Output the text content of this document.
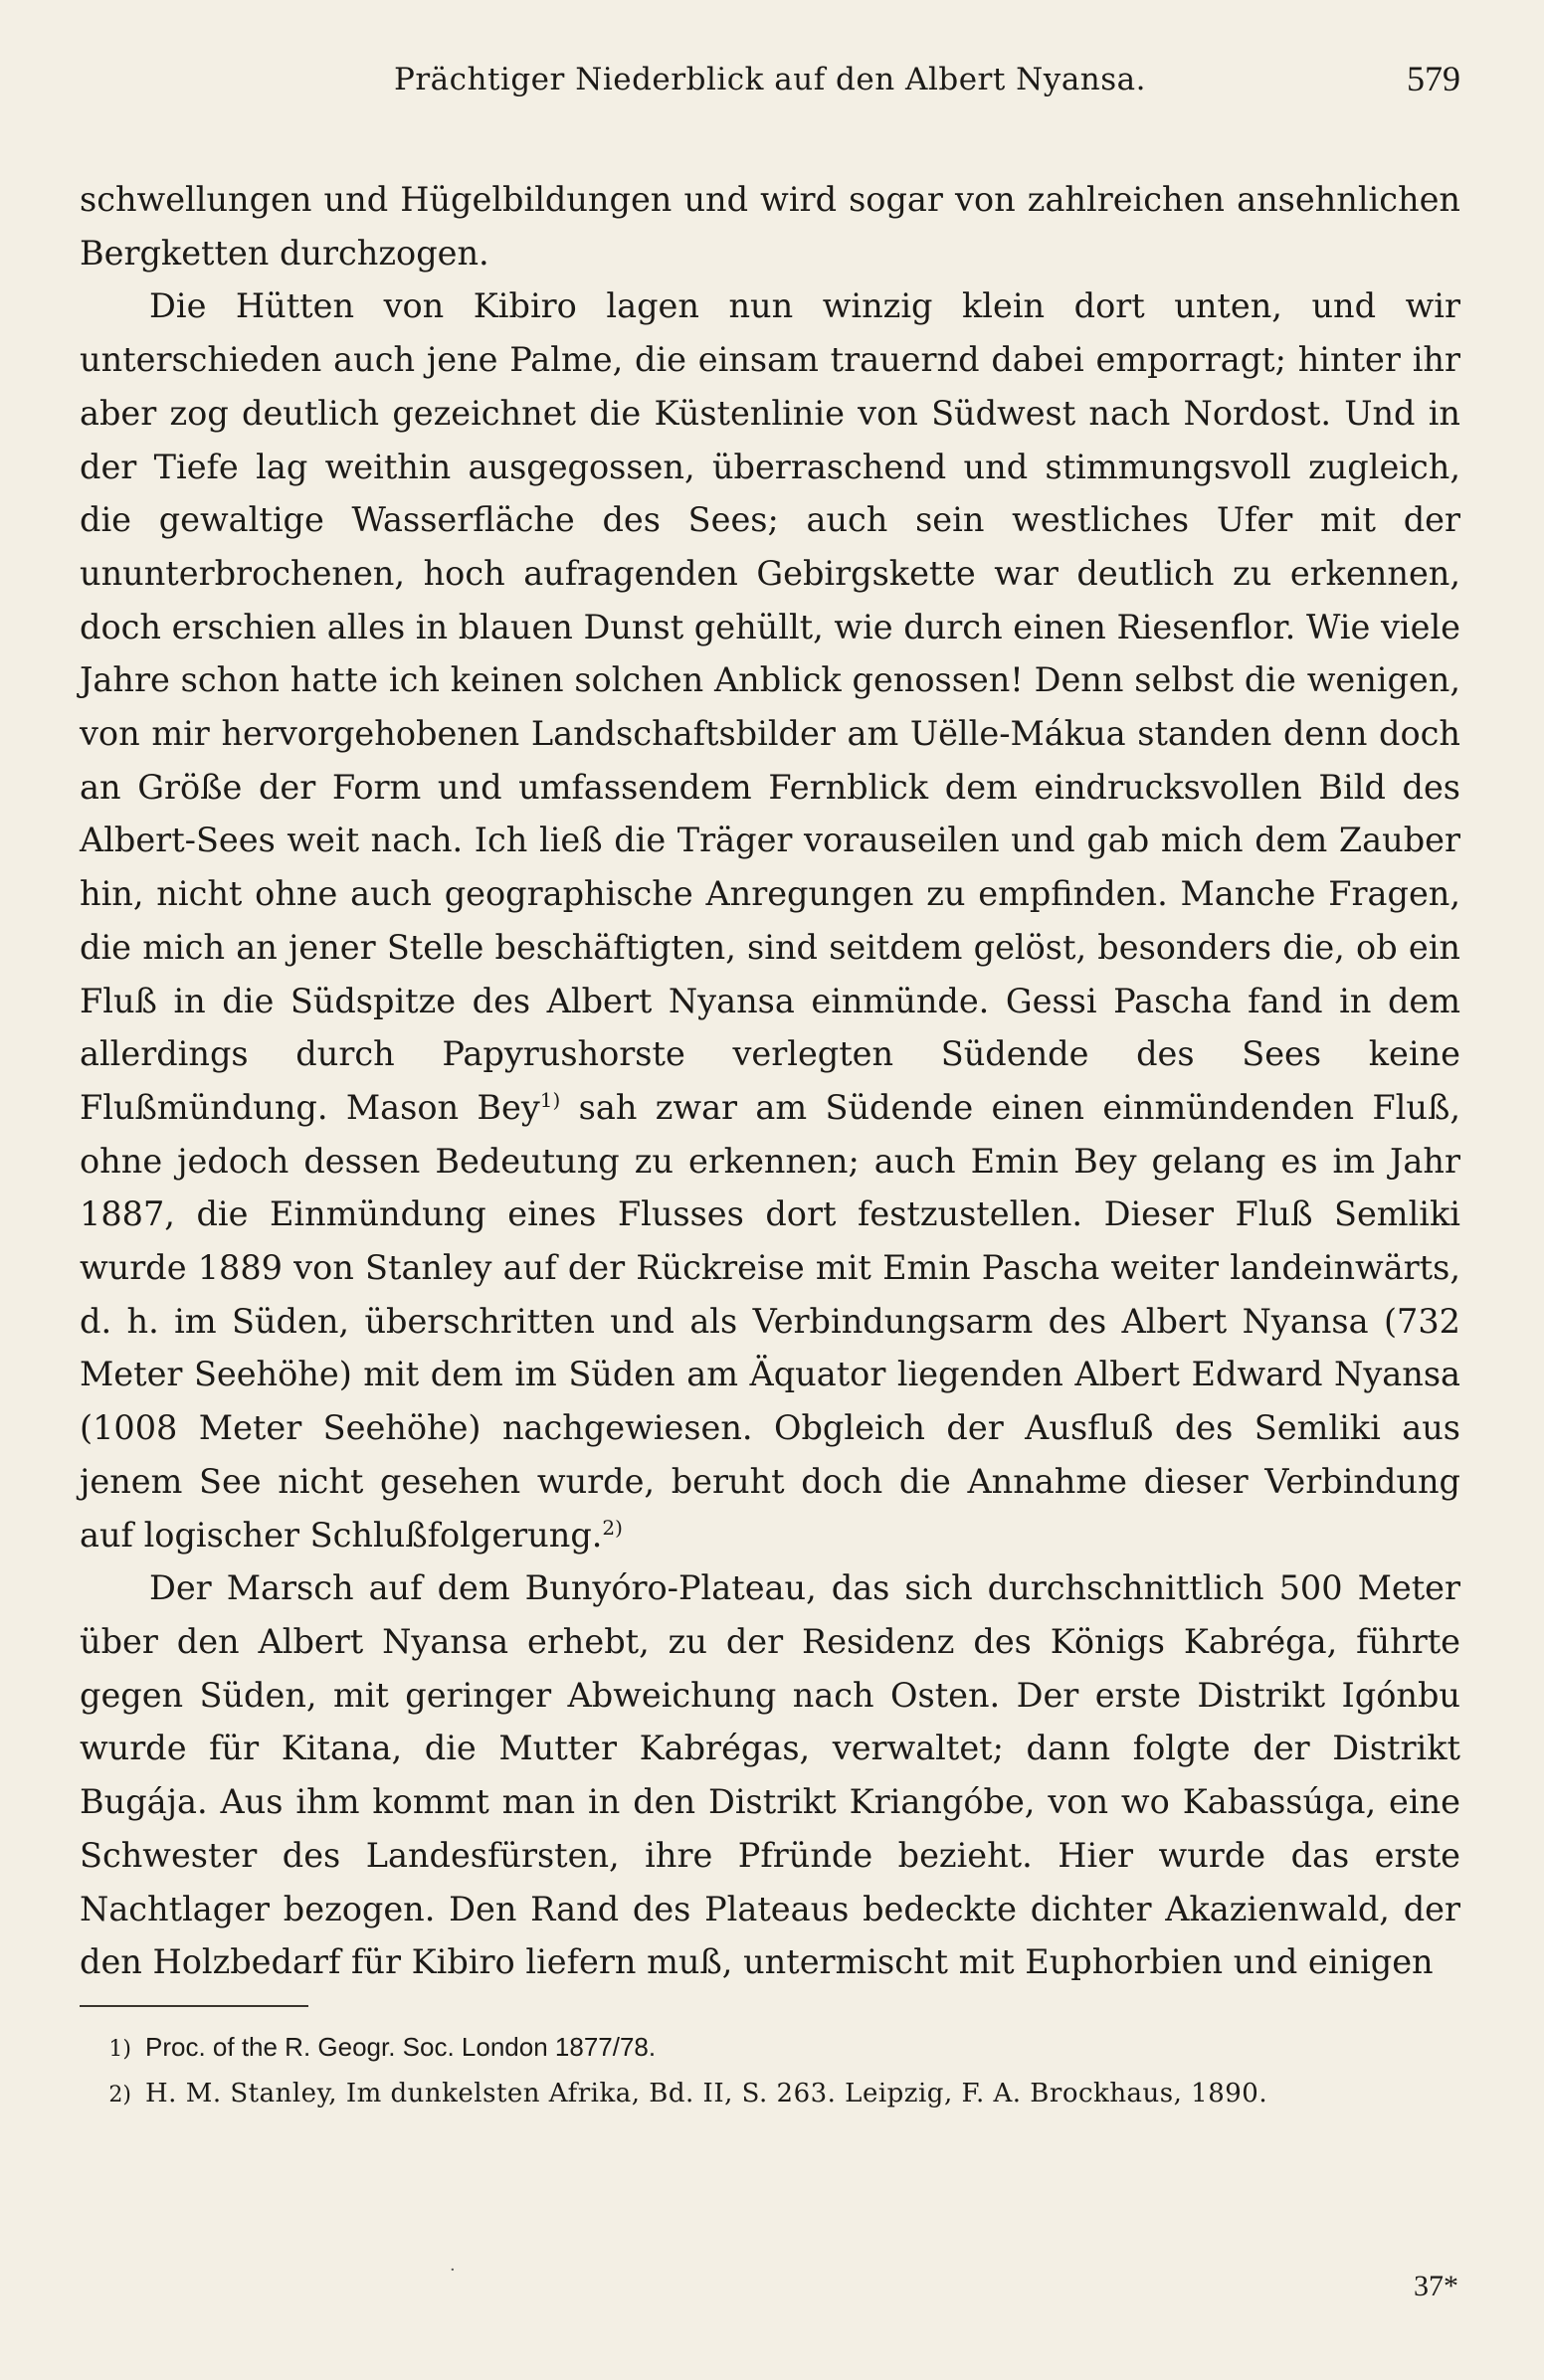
Prächtiger Niederblick auf den Albert Nyansa.	579

schwellungen und Hügelbildungen und wird sogar von zahlreichen ansehnlichen Bergketten durchzogen.

Die Hütten von Kibiro lagen nun winzig klein dort unten, und wir unterschieden auch jene Palme, die einsam trauernd dabei emporragt; hinter ihr aber zog deutlich gezeichnet die Küstenlinie von Südwest nach Nordost. Und in der Tiefe lag weithin ausgegossen, überraschend und stimmungsvoll zugleich, die gewaltige Wasserfläche des Sees; auch sein westliches Ufer mit der ununterbrochenen, hoch aufragenden Gebirgskette war deutlich zu erkennen, doch erschien alles in blauen Dunst gehüllt, wie durch einen Riesenflor. Wie viele Jahre schon hatte ich keinen solchen Anblick genossen! Denn selbst die wenigen, von mir hervorgehobenen Landschaftsbilder am Uëlle-Mákua standen denn doch an Größe der Form und umfassendem Fernblick dem eindrucksvollen Bild des Albert-Sees weit nach. Ich ließ die Träger vorauseilen und gab mich dem Zauber hin, nicht ohne auch geographische Anregungen zu empfinden. Manche Fragen, die mich an jener Stelle beschäftigten, sind seitdem gelöst, besonders die, ob ein Fluß in die Südspitze des Albert Nyansa einmünde. Gessi Pascha fand in dem allerdings durch Papyrushorste verlegten Südende des Sees keine Flußmündung. Mason Bey$^{1)}$ sah zwar am Südende einen einmündenden Fluß, ohne jedoch dessen Bedeutung zu erkennen; auch Emin Bey gelang es im Jahr 1887, die Einmündung eines Flusses dort festzustellen. Dieser Fluß Semliki wurde 1889 von Stanley auf der Rückreise mit Emin Pascha weiter landeinwärts, d. h. im Süden, überschritten und als Verbindungsarm des Albert Nyansa (732 Meter Seehöhe) mit dem im Süden am Äquator liegenden Albert Edward Nyansa (1008 Meter Seehöhe) nachgewiesen. Obgleich der Ausfluß des Semliki aus jenem See nicht gesehen wurde, beruht doch die Annahme dieser Verbindung auf logischer Schlußfolgerung.$^{2)}$

Der Marsch auf dem Bunyóro-Plateau, das sich durchschnittlich 500 Meter über den Albert Nyansa erhebt, zu der Residenz des Königs Kabréga, führte gegen Süden, mit geringer Abweichung nach Osten. Der erste Distrikt Igónbu wurde für Kitana, die Mutter Kabrégas, verwaltet; dann folgte der Distrikt Bugája. Aus ihm kommt man in den Distrikt Kriangóbe, von wo Kabassúga, eine Schwester des Landesfürsten, ihre Pfründe bezieht. Hier wurde das erste Nachtlager bezogen. Den Rand des Plateaus bedeckte dichter Akazienwald, der den Holzbedarf für Kibiro liefern muß, untermischt mit Euphorbien und einigen

1) Proc. of the R. Geogr. Soc. London 1877/78.

2) H. M. Stanley, Im dunkelsten Afrika, Bd. II, S. 263. Leipzig, F. A. Brockhaus, 1890.

·	37*
